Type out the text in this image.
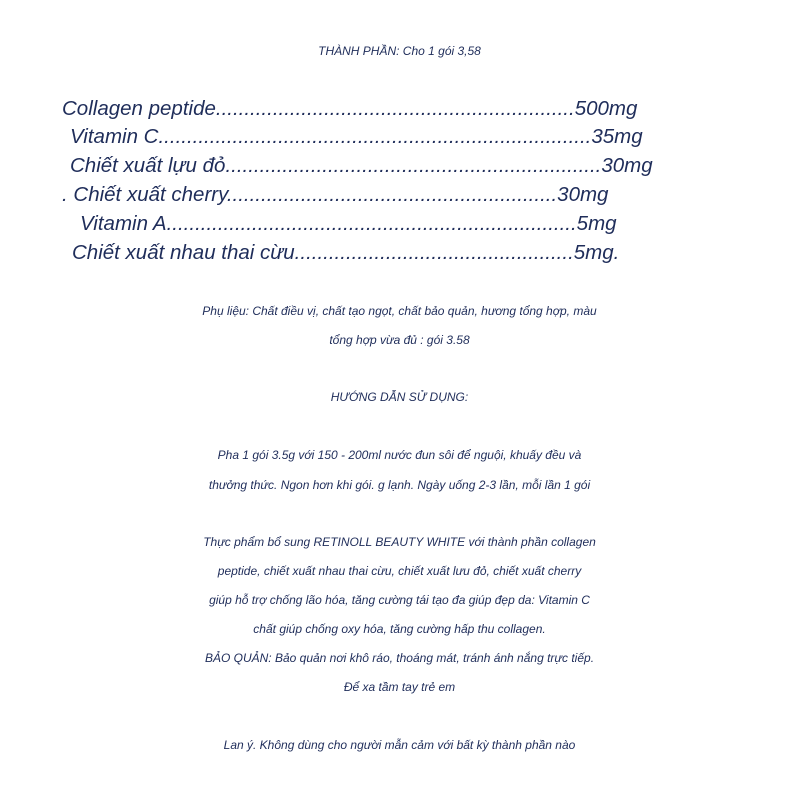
THÀNH PHẦN: Cho 1 gói 3,58
Collagen peptide...............................................................500mg
Vitamin C............................................................................35mg
Chiết xuất lựu đỏ..................................................................30mg
. Chiết xuất cherry..........................................................30mg
Vitamin A........................................................................5mg
Chiết xuất nhau thai cừu.................................................5mg.
Phụ liệu: Chất điều vị, chất tạo ngọt, chất bảo quản, hương tổng hợp, màu
tổng hợp vừa đủ : gói 3.58
HƯỚNG DẪN SỬ DỤNG:
Pha 1 gói 3.5g với 150 - 200ml nước đun sôi để nguội, khuấy đều và
thưởng thức. Ngon hơn khi gói. g lạnh. Ngày uống 2-3 lần, mỗi lần 1 gói
Thực phẩm bổ sung RETINOLL BEAUTY WHITE với thành phần collagen
peptide, chiết xuất nhau thai cừu, chiết xuất lưu đỏ, chiết xuất cherry
giúp hỗ trợ chống lão hóa, tăng cường tái tạo đa giúp đẹp da: Vitamin C
chất giúp chống oxy hóa, tăng cường hấp thu collagen.
BẢO QUẢN: Bảo quản nơi khô ráo, thoáng mát, tránh ánh nắng trực tiếp.
Để xa tầm tay trẻ em
Lan ý. Không dùng cho người mẫn cảm với bất kỳ thành phần nào
